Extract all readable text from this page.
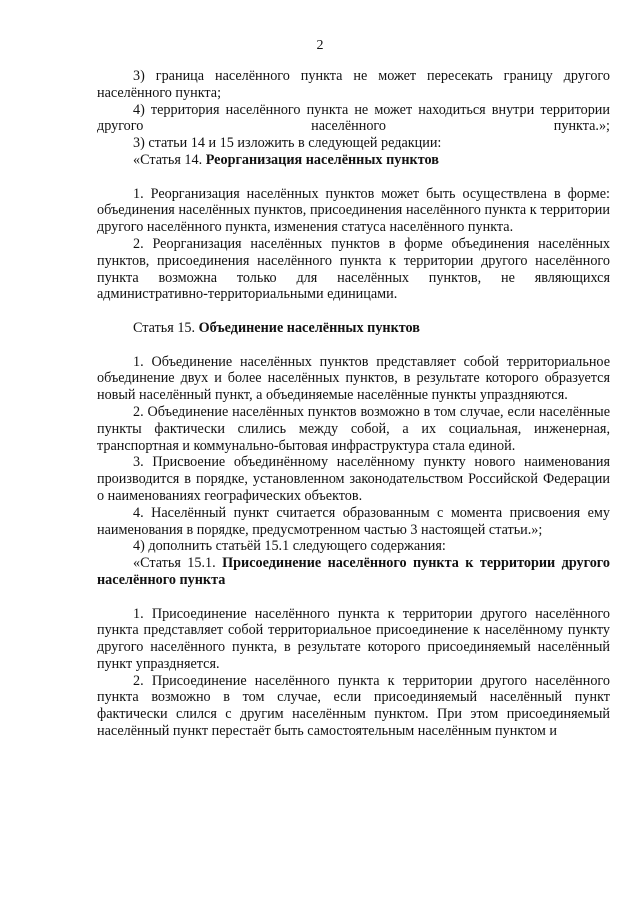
2

3) граница населённого пункта не может пересекать границу другого населённого пункта;

4) территория населённого пункта не может находиться внутри территории другого населённого пункта.»;

3) статьи 14 и 15 изложить в следующей редакции:

«Статья 14. Реорганизация населённых пунктов

1. Реорганизация населённых пунктов может быть осуществлена в форме: объединения населённых пунктов, присоединения населённого пункта к территории другого населённого пункта, изменения статуса населённого пункта.

2. Реорганизация населённых пунктов в форме объединения населённых пунктов, присоединения населённого пункта к территории другого населённого пункта возможна только для населённых пунктов, не являющихся административно-территориальными единицами.

Статья 15. Объединение населённых пунктов

1. Объединение населённых пунктов представляет собой территориальное объединение двух и более населённых пунктов, в результате которого образуется новый населённый пункт, а объединяемые населённые пункты упраздняются.

2. Объединение населённых пунктов возможно в том случае, если населённые пункты фактически слились между собой, а их социальная, инженерная, транспортная и коммунально-бытовая инфраструктура стала единой.

3. Присвоение объединённому населённому пункту нового наименования производится в порядке, установленном законодательством Российской Федерации о наименованиях географических объектов.

4. Населённый пункт считается образованным с момента присвоения ему наименования в порядке, предусмотренном частью 3 настоящей статьи.»;

4) дополнить статьёй 15.1 следующего содержания:

«Статья 15.1. Присоединение населённого пункта к территории другого населённого пункта

1. Присоединение населённого пункта к территории другого населённого пункта представляет собой территориальное присоединение к населённому пункту другого населённого пункта, в результате которого присоединяемый населённый пункт упраздняется.

2. Присоединение населённого пункта к территории другого населённого пункта возможно в том случае, если присоединяемый населённый пункт фактически слился с другим населённым пунктом. При этом присоединяемый населённый пункт перестаёт быть самостоятельным населённым пунктом и
